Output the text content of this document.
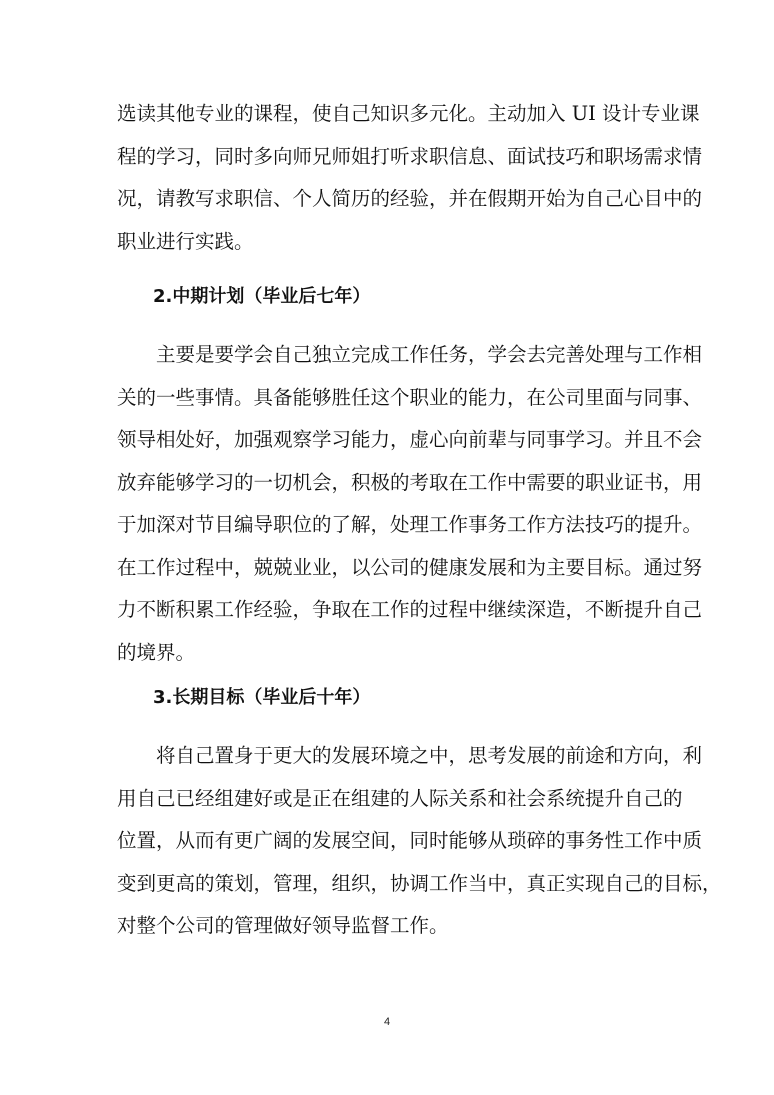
选读其他专业的课程，使自己知识多元化。主动加入 UI 设计专业课
程的学习，同时多向师兄师姐打听求职信息、面试技巧和职场需求情
况，请教写求职信、个人简历的经验，并在假期开始为自己心目中的
职业进行实践。
2.中期计划（毕业后七年）
主要是要学会自己独立完成工作任务，学会去完善处理与工作相
关的一些事情。具备能够胜任这个职业的能力，在公司里面与同事、
领导相处好，加强观察学习能力，虚心向前辈与同事学习。并且不会
放弃能够学习的一切机会，积极的考取在工作中需要的职业证书，用
于加深对节目编导职位的了解，处理工作事务工作方法技巧的提升。
在工作过程中，兢兢业业，以公司的健康发展和为主要目标。通过努
力不断积累工作经验，争取在工作的过程中继续深造，不断提升自己
的境界。
3.长期目标（毕业后十年）
将自己置身于更大的发展环境之中，思考发展的前途和方向，利
用自己已经组建好或是正在组建的人际关系和社会系统提升自己的
位置，从而有更广阔的发展空间，同时能够从琐碎的事务性工作中质
变到更高的策划，管理，组织，协调工作当中，真正实现自己的目标，
对整个公司的管理做好领导监督工作。
4
